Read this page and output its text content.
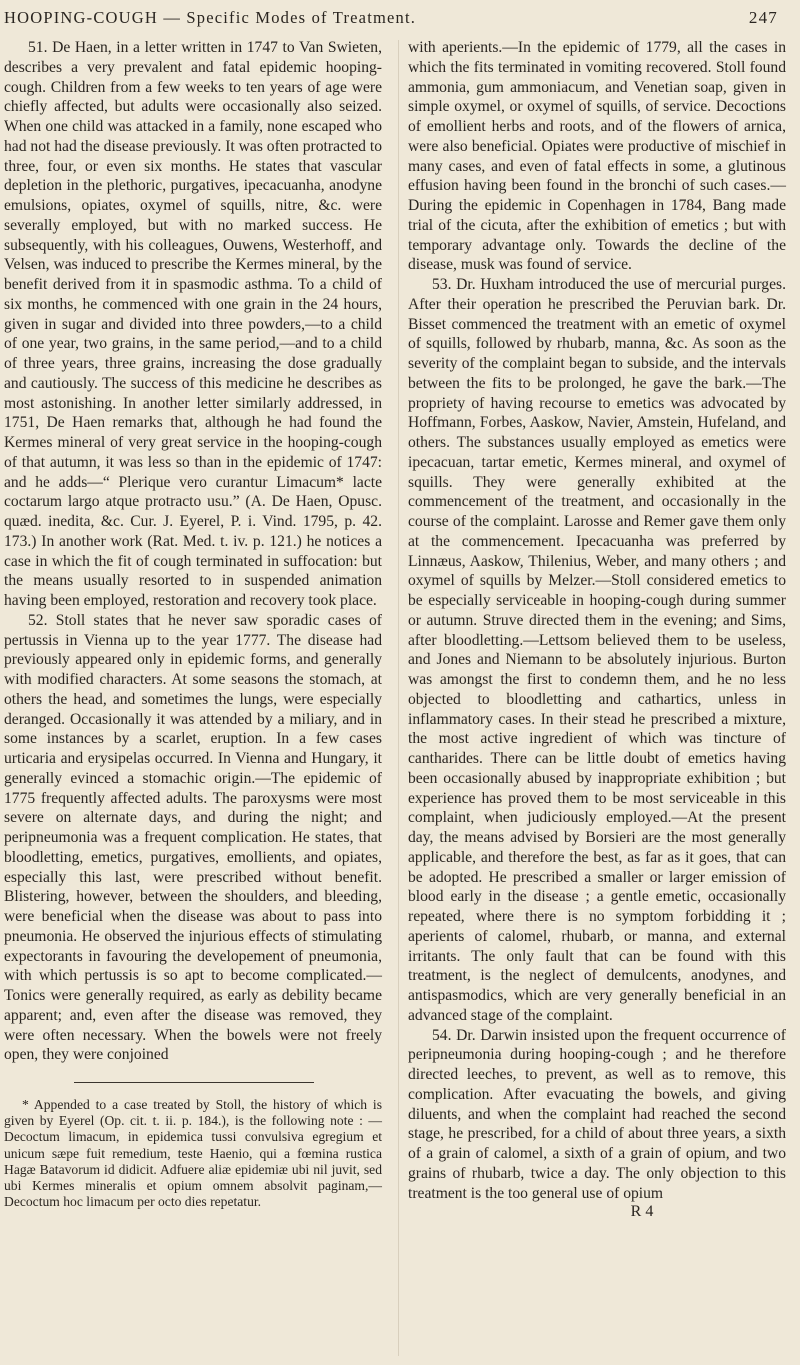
HOOPING-COUGH — Specific Modes of Treatment.	247

51. De Haen, in a letter written in 1747 to Van Swieten, describes a very prevalent and fatal epidemic hooping-cough. Children from a few weeks to ten years of age were chiefly affected, but adults were occasionally also seized. When one child was attacked in a family, none escaped who had not had the disease previously. It was often protracted to three, four, or even six months. He states that vascular depletion in the plethoric, purgatives, ipecacuanha, anodyne emulsions, opiates, oxymel of squills, nitre, &c. were severally employed, but with no marked success. He subsequently, with his colleagues, Ouwens, Westerhoff, and Velsen, was induced to prescribe the Kermes mineral, by the benefit derived from it in spasmodic asthma. To a child of six months, he commenced with one grain in the 24 hours, given in sugar and divided into three powders,—to a child of one year, two grains, in the same period,—and to a child of three years, three grains, increasing the dose gradually and cautiously. The success of this medicine he describes as most astonishing. In another letter similarly addressed, in 1751, De Haen remarks that, although he had found the Kermes mineral of very great service in the hooping-cough of that autumn, it was less so than in the epidemic of 1747: and he adds—“ Plerique vero curantur Limacum* lacte coctarum largo atque protracto usu.” (A. De Haen, Opusc. quæd. inedita, &c. Cur. J. Eyerel, P. i. Vind. 1795, p. 42. 173.) In another work (Rat. Med. t. iv. p. 121.) he notices a case in which the fit of cough terminated in suffocation: but the means usually resorted to in suspended animation having been employed, restoration and recovery took place.

52. Stoll states that he never saw sporadic cases of pertussis in Vienna up to the year 1777. The disease had previously appeared only in epidemic forms, and generally with modified characters. At some seasons the stomach, at others the head, and sometimes the lungs, were especially deranged. Occasionally it was attended by a miliary, and in some instances by a scarlet, eruption. In a few cases urticaria and erysipelas occurred. In Vienna and Hungary, it generally evinced a stomachic origin.—The epidemic of 1775 frequently affected adults. The paroxysms were most severe on alternate days, and during the night; and peripneumonia was a frequent complication. He states, that bloodletting, emetics, purgatives, emollients, and opiates, especially this last, were prescribed without benefit. Blistering, however, between the shoulders, and bleeding, were beneficial when the disease was about to pass into pneumonia. He observed the injurious effects of stimulating expectorants in favouring the developement of pneumonia, with which pertussis is so apt to become complicated.—Tonics were generally required, as early as debility became apparent; and, even after the disease was removed, they were often necessary. When the bowels were not freely open, they were conjoined

* Appended to a case treated by Stoll, the history of which is given by Eyerel (Op. cit. t. ii. p. 184.), is the following note : — Decoctum limacum, in epidemica tussi convulsiva egregium et unicum sæpe fuit remedium, teste Haenio, qui a fœmina rustica Hagæ Batavorum id didicit. Adfuere aliæ epidemiæ ubi nil juvit, sed ubi Kermes mineralis et opium omnem absolvit paginam,— Decoctum hoc limacum per octo dies repetatur.

with aperients.—In the epidemic of 1779, all the cases in which the fits terminated in vomiting recovered. Stoll found ammonia, gum ammoniacum, and Venetian soap, given in simple oxymel, or oxymel of squills, of service. Decoctions of emollient herbs and roots, and of the flowers of arnica, were also beneficial. Opiates were productive of mischief in many cases, and even of fatal effects in some, a glutinous effusion having been found in the bronchi of such cases.—During the epidemic in Copenhagen in 1784, Bang made trial of the cicuta, after the exhibition of emetics ; but with temporary advantage only. Towards the decline of the disease, musk was found of service.

53. Dr. Huxham introduced the use of mercurial purges. After their operation he prescribed the Peruvian bark. Dr. Bisset commenced the treatment with an emetic of oxymel of squills, followed by rhubarb, manna, &c. As soon as the severity of the complaint began to subside, and the intervals between the fits to be prolonged, he gave the bark.—The propriety of having recourse to emetics was advocated by Hoffmann, Forbes, Aaskow, Navier, Amstein, Hufeland, and others. The substances usually employed as emetics were ipecacuan, tartar emetic, Kermes mineral, and oxymel of squills. They were generally exhibited at the commencement of the treatment, and occasionally in the course of the complaint. Larosse and Remer gave them only at the commencement. Ipecacuanha was preferred by Linnæus, Aaskow, Thilenius, Weber, and many others ; and oxymel of squills by Melzer.—Stoll considered emetics to be especially serviceable in hooping-cough during summer or autumn. Struve directed them in the evening; and Sims, after bloodletting.—Lettsom believed them to be useless, and Jones and Niemann to be absolutely injurious. Burton was amongst the first to condemn them, and he no less objected to bloodletting and cathartics, unless in inflammatory cases. In their stead he prescribed a mixture, the most active ingredient of which was tincture of cantharides. There can be little doubt of emetics having been occasionally abused by inappropriate exhibition ; but experience has proved them to be most serviceable in this complaint, when judiciously employed.—At the present day, the means advised by Borsieri are the most generally applicable, and therefore the best, as far as it goes, that can be adopted. He prescribed a smaller or larger emission of blood early in the disease ; a gentle emetic, occasionally repeated, where there is no symptom forbidding it ; aperients of calomel, rhubarb, or manna, and external irritants. The only fault that can be found with this treatment, is the neglect of demulcents, anodynes, and antispasmodics, which are very generally beneficial in an advanced stage of the complaint.

54. Dr. Darwin insisted upon the frequent occurrence of peripneumonia during hooping-cough ; and he therefore directed leeches, to prevent, as well as to remove, this complication. After evacuating the bowels, and giving diluents, and when the complaint had reached the second stage, he prescribed, for a child of about three years, a sixth of a grain of calomel, a sixth of a grain of opium, and two grains of rhubarb, twice a day. The only objection to this treatment is the too general use of opium

R 4
